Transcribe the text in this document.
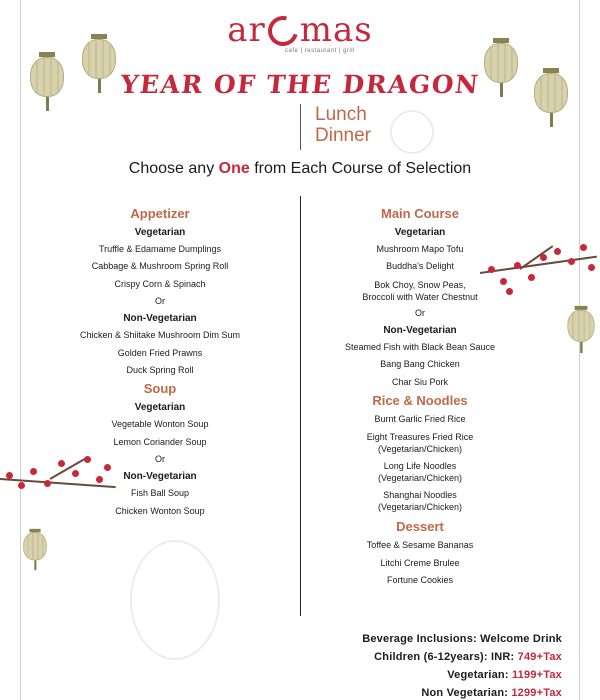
ar mas
cafe | restaurant | grill
YEAR OF THE DRAGON
Lunch
Dinner
Choose any One from Each Course of Selection
Appetizer
Vegetarian
Truffle & Edamame Dumplings
Cabbage & Mushroom Spring Roll
Crispy Corn & Spinach
Or
Non-Vegetarian
Chicken & Shiitake Mushroom Dim Sum
Golden Fried Prawns
Duck Spring Roll
Soup
Vegetarian
Vegetable Wonton Soup
Lemon Coriander Soup
Or
Non-Vegetarian
Fish Ball Soup
Chicken Wonton Soup
Main Course
Vegetarian
Mushroom Mapo Tofu
Buddha's Delight
Bok Choy, Snow Peas,
Broccoli with Water Chestnut
Or
Non-Vegetarian
Steamed Fish with Black Bean Sauce
Bang Bang Chicken
Char Siu Pork
Rice & Noodles
Burnt Garlic Fried Rice
Eight Treasures Fried Rice
(Vegetarian/Chicken)
Long Life Noodles
(Vegetarian/Chicken)
Shanghai Noodles
(Vegetarian/Chicken)
Dessert
Toffee & Sesame Bananas
Litchi Creme Brulee
Fortune Cookies
Beverage Inclusions: Welcome Drink
Children (6-12years): INR: 749+Tax
Vegetarian: 1199+Tax
Non Vegetarian: 1299+Tax
